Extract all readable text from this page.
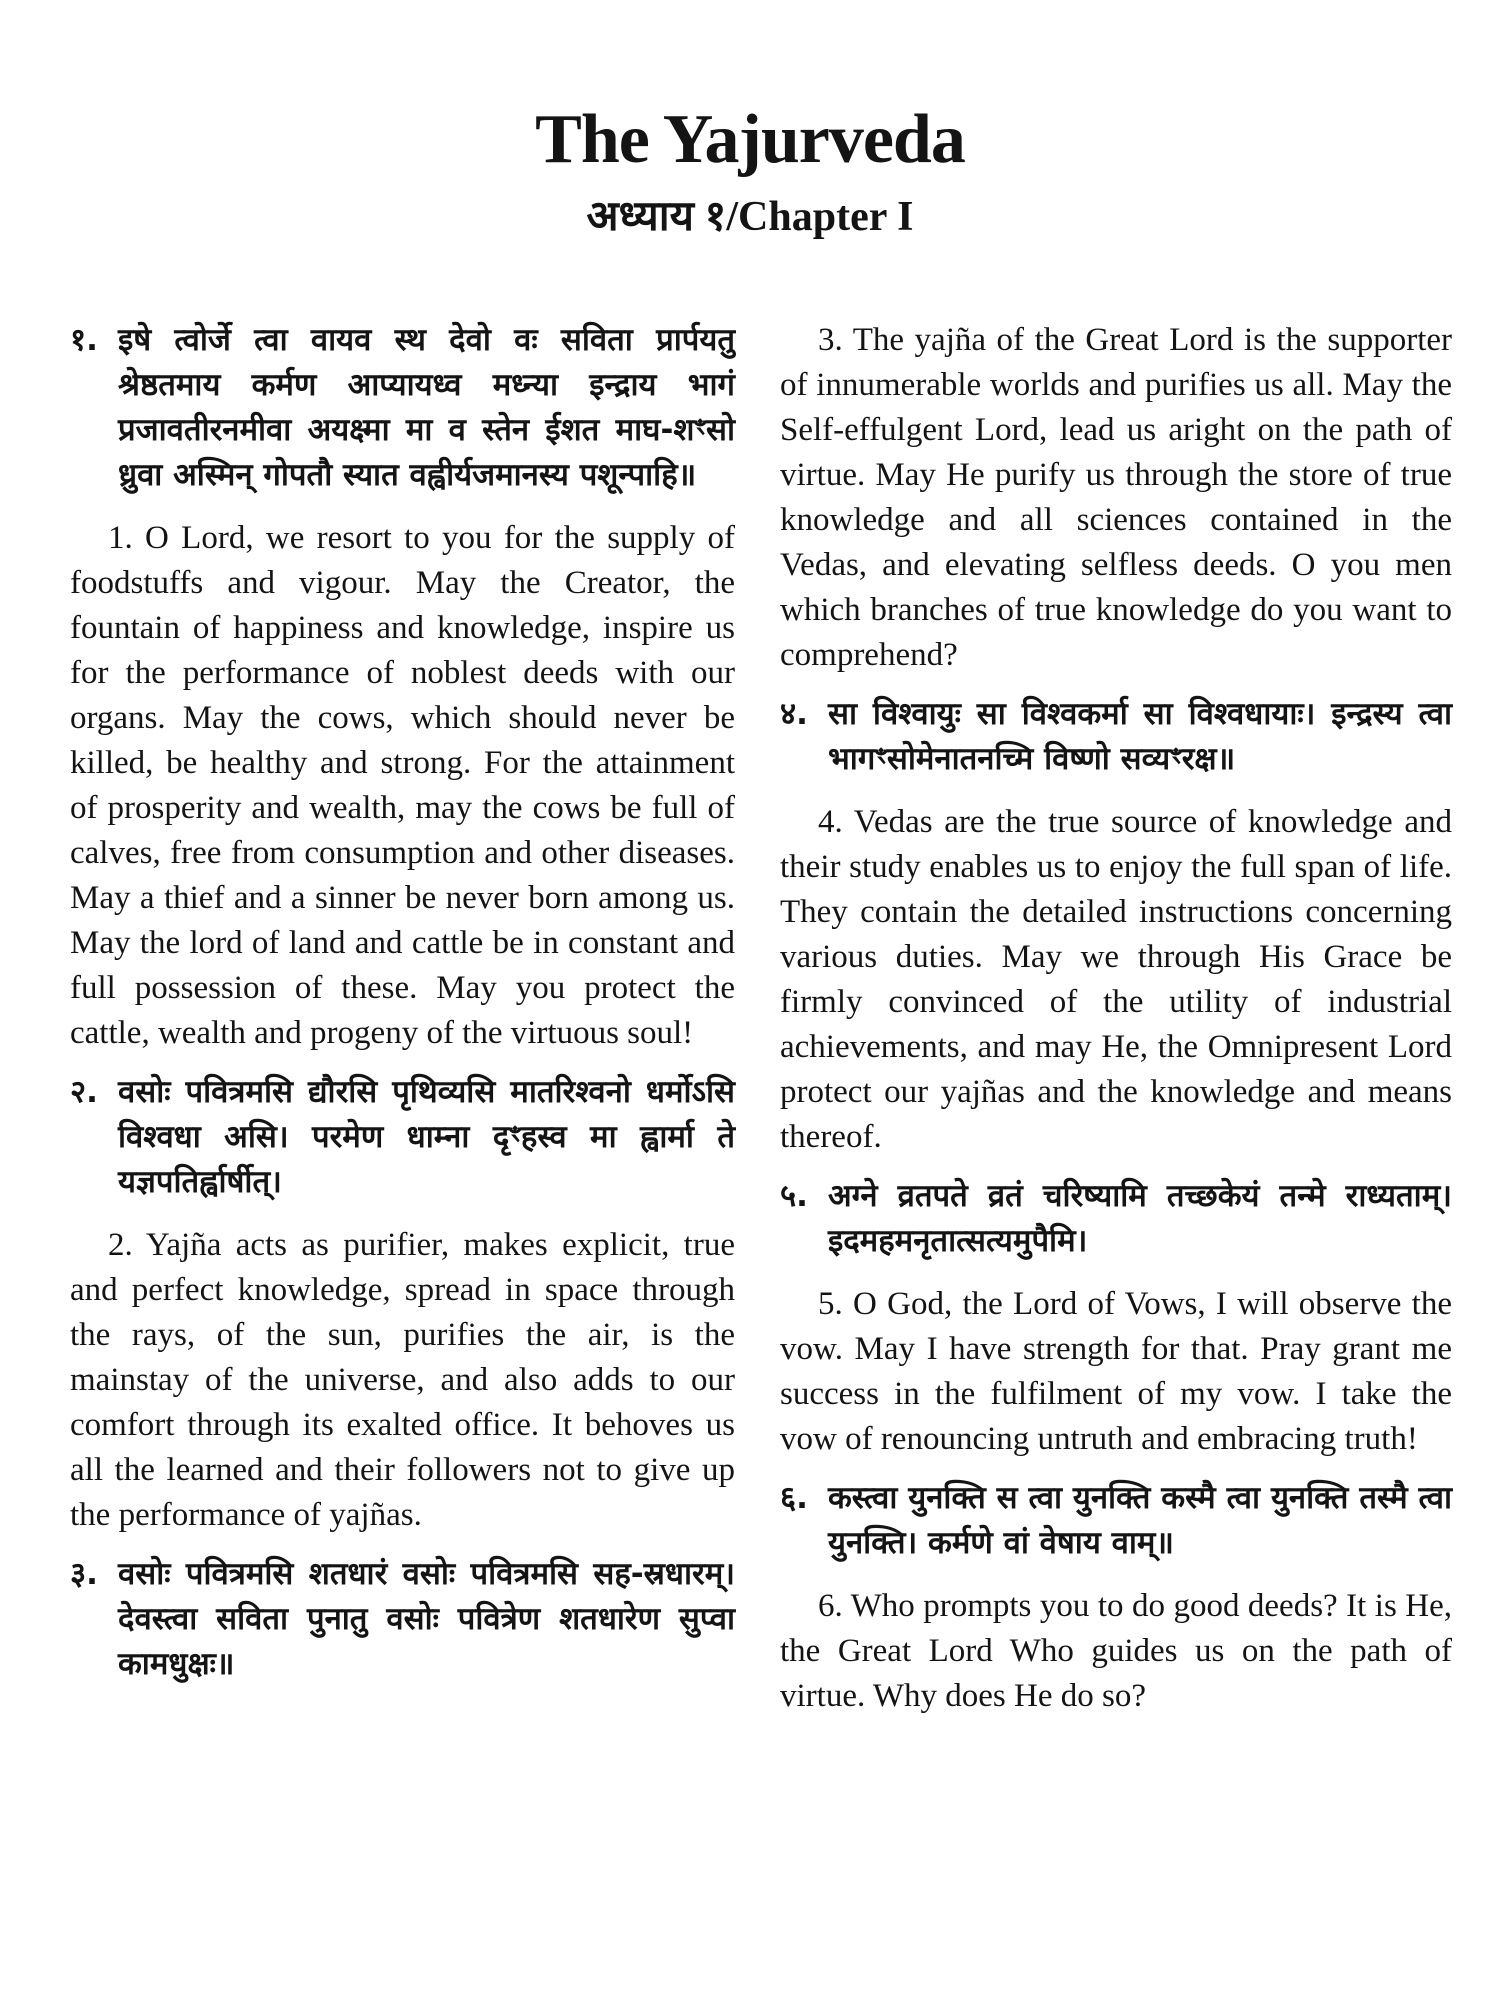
The Yajurveda
अध्याय १/Chapter I

१. इषे त्वोर्जे त्वा वायव स्थ देवो वः सविता प्रार्पयतु श्रेष्ठतमाय कर्मण आप्यायध्व मध्न्या इन्द्राय भागं प्रजावतीरनमीवा अयक्ष्मा मा व स्तेन ईशत माघ-शꣳसो ध्रुवा अस्मिन् गोपतौ स्यात वह्वीर्यजमानस्य पशून्पाहि॥

1. O Lord, we resort to you for the supply of foodstuffs and vigour. May the Creator, the fountain of happiness and knowledge, inspire us for the performance of noblest deeds with our organs. May the cows, which should never be killed, be healthy and strong. For the attainment of prosperity and wealth, may the cows be full of calves, free from consumption and other diseases. May a thief and a sinner be never born among us. May the lord of land and cattle be in constant and full possession of these. May you protect the cattle, wealth and progeny of the virtuous soul!

२. वसोः पवित्रमसि द्यौरसि पृथिव्यसि मातरिश्वनो धर्मोऽसि विश्वधा असि। परमेण धाम्ना दृꣳहस्व मा ह्वार्मा ते यज्ञपतिर्ह्वार्षीत्।

2. Yajña acts as purifier, makes explicit, true and perfect knowledge, spread in space through the rays, of the sun, purifies the air, is the mainstay of the universe, and also adds to our comfort through its exalted office. It behoves us all the learned and their followers not to give up the performance of yajñas.

३. वसोः पवित्रमसि शतधारं वसोः पवित्रमसि सह-स्रधारम्। देवस्त्वा सविता पुनातु वसोः पवित्रेण शतधारेण सुप्वा कामधुक्षः॥

3. The yajña of the Great Lord is the supporter of innumerable worlds and purifies us all. May the Self-effulgent Lord, lead us aright on the path of virtue. May He purify us through the store of true knowledge and all sciences contained in the Vedas, and elevating selfless deeds. O you men which branches of true knowledge do you want to comprehend?

४. सा विश्वायुः सा विश्वकर्मा सा विश्वधायाः। इन्द्रस्य त्वा भागꣳसोमेनातनच्मि विष्णो सव्यꣳरक्ष॥

4. Vedas are the true source of knowledge and their study enables us to enjoy the full span of life. They contain the detailed instructions concerning various duties. May we through His Grace be firmly convinced of the utility of industrial achievements, and may He, the Omnipresent Lord protect our yajñas and the knowledge and means thereof.

५. अग्ने व्रतपते व्रतं चरिष्यामि तच्छकेयं तन्मे राध्यताम्। इदमहमनृतात्सत्यमुपैमि।

5. O God, the Lord of Vows, I will observe the vow. May I have strength for that. Pray grant me success in the fulfilment of my vow. I take the vow of renouncing untruth and embracing truth!

६. कस्त्वा युनक्ति स त्वा युनक्ति कस्मै त्वा युनक्ति तस्मै त्वा युनक्ति। कर्मणे वां वेषाय वाम्॥

6. Who prompts you to do good deeds? It is He, the Great Lord Who guides us on the path of virtue. Why does He do so?
